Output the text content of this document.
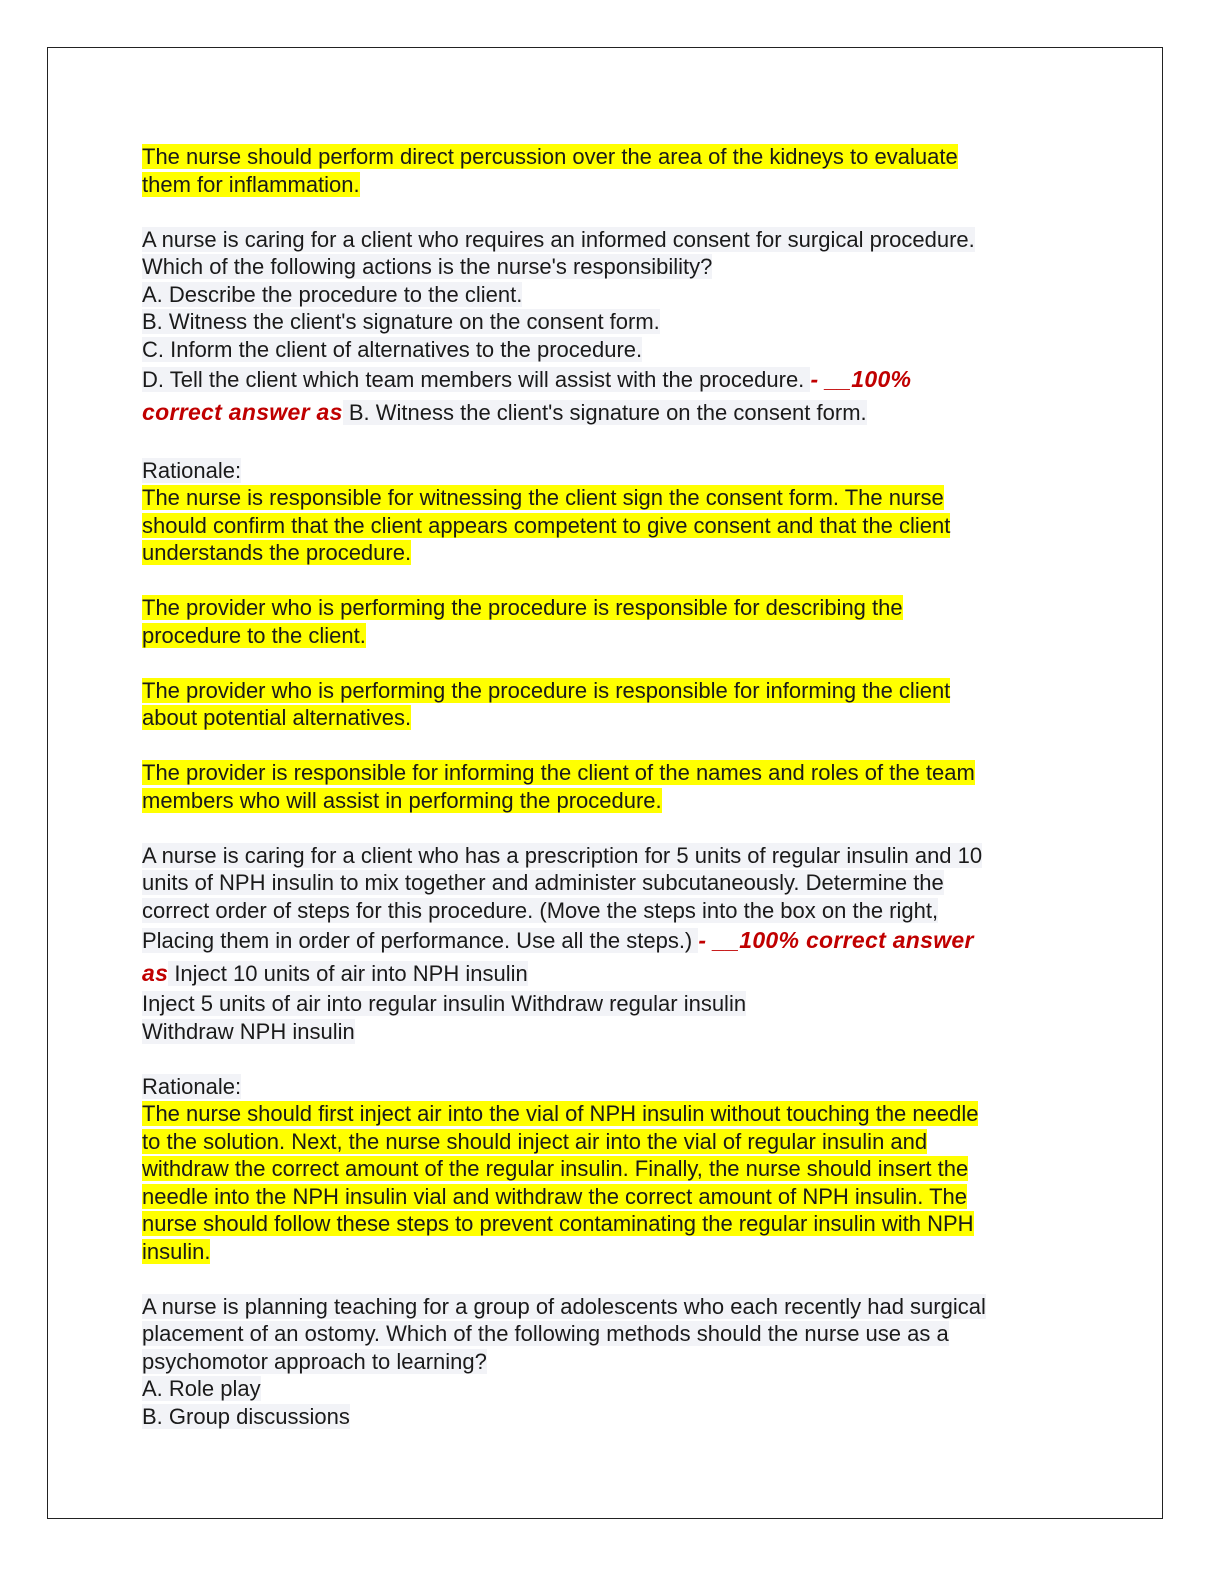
The nurse should perform direct percussion over the area of the kidneys to evaluate
them for inflammation.
A nurse is caring for a client who requires an informed consent for surgical procedure.
Which of the following actions is the nurse's responsibility?
A. Describe the procedure to the client.
B. Witness the client's signature on the consent form.
C. Inform the client of alternatives to the procedure.
D. Tell the client which team members will assist with the procedure. - __100%
correct answer as B. Witness the client's signature on the consent form.
Rationale:
The nurse is responsible for witnessing the client sign the consent form. The nurse
should confirm that the client appears competent to give consent and that the client
understands the procedure.
The provider who is performing the procedure is responsible for describing the
procedure to the client.
The provider who is performing the procedure is responsible for informing the client
about potential alternatives.
The provider is responsible for informing the client of the names and roles of the team
members who will assist in performing the procedure.
A nurse is caring for a client who has a prescription for 5 units of regular insulin and 10
units of NPH insulin to mix together and administer subcutaneously. Determine the
correct order of steps for this procedure. (Move the steps into the box on the right,
Placing them in order of performance. Use all the steps.) - __100% correct answer
as Inject 10 units of air into NPH insulin
Inject 5 units of air into regular insulin Withdraw regular insulin
Withdraw NPH insulin
Rationale:
The nurse should first inject air into the vial of NPH insulin without touching the needle
to the solution. Next, the nurse should inject air into the vial of regular insulin and
withdraw the correct amount of the regular insulin. Finally, the nurse should insert the
needle into the NPH insulin vial and withdraw the correct amount of NPH insulin. The
nurse should follow these steps to prevent contaminating the regular insulin with NPH
insulin.
A nurse is planning teaching for a group of adolescents who each recently had surgical
placement of an ostomy. Which of the following methods should the nurse use as a
psychomotor approach to learning?
A. Role play
B. Group discussions
